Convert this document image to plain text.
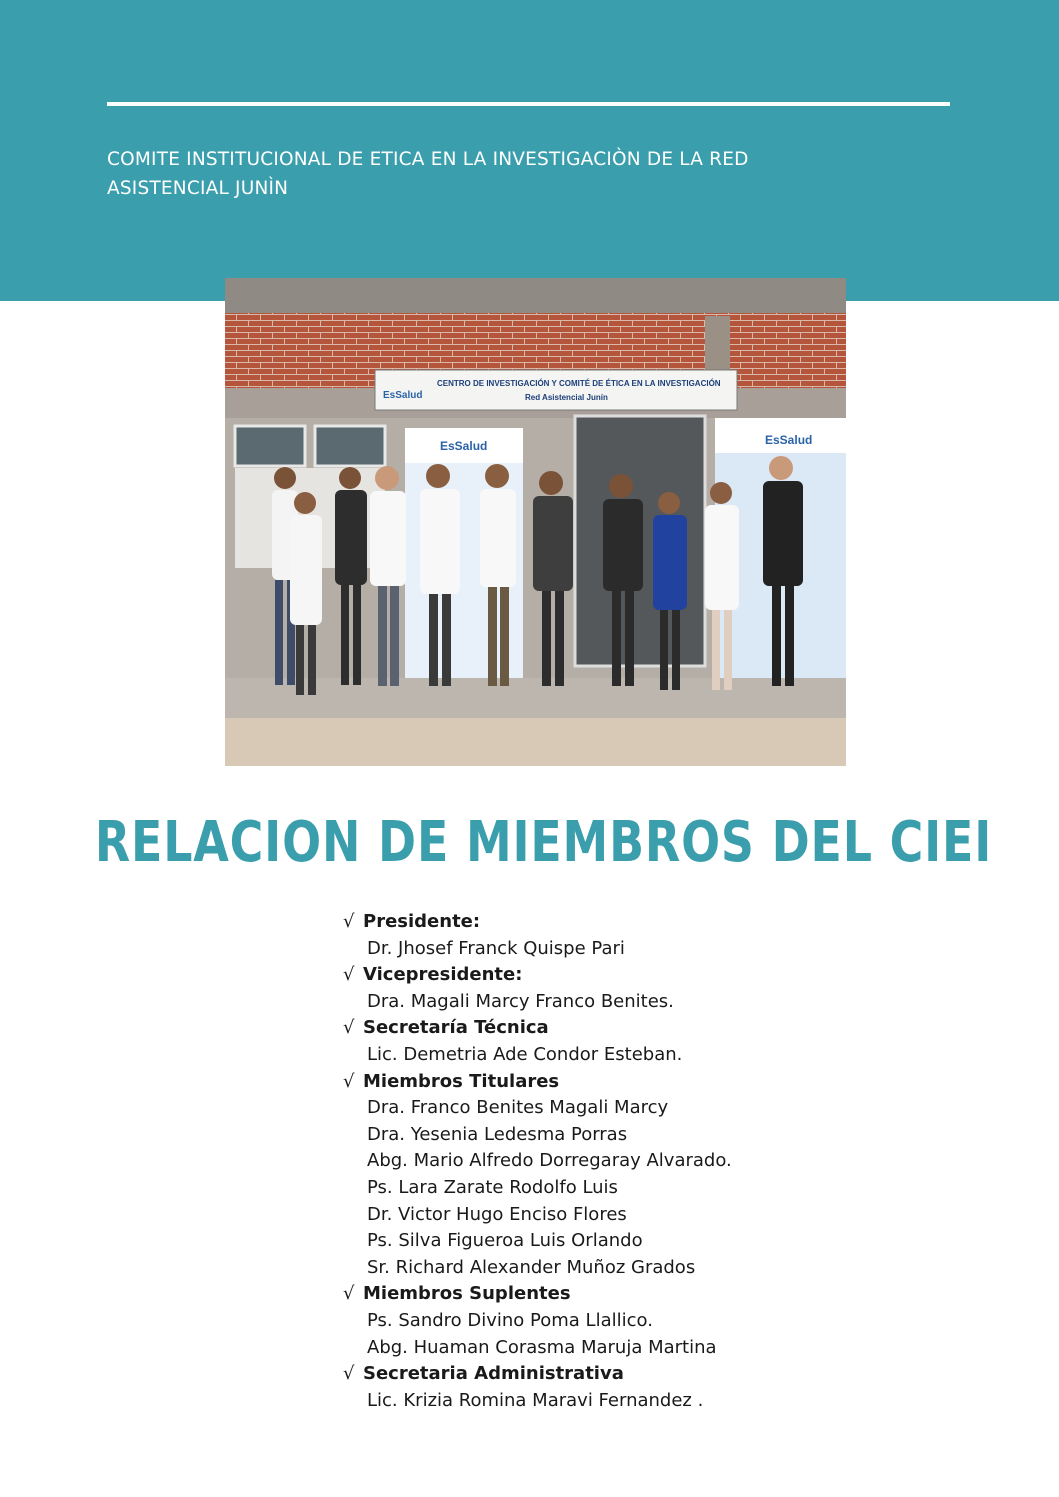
COMITE INSTITUCIONAL DE ETICA EN LA INVESTIGACIÒN DE LA RED
ASISTENCIAL JUNÌN
EsSalud
CENTRO DE INVESTIGACIÓN Y COMITÉ DE ÉTICA EN LA INVESTIGACIÓN
Red Asistencial Junín
EsSalud	EsSalud
RELACION DE MIEMBROS DEL CIEI
√ Presidente:
Dr. Jhosef Franck Quispe Pari
√ Vicepresidente:
Dra. Magali Marcy Franco Benites.
√ Secretaría Técnica
Lic. Demetria Ade Condor Esteban.
√ Miembros Titulares
Dra. Franco Benites Magali Marcy
Dra. Yesenia Ledesma Porras
Abg. Mario Alfredo Dorregaray Alvarado.
Ps. Lara Zarate Rodolfo Luis
Dr. Victor Hugo Enciso Flores
Ps. Silva Figueroa Luis Orlando
Sr. Richard Alexander Muñoz Grados
√ Miembros Suplentes
Ps. Sandro Divino Poma Llallico.
Abg. Huaman Corasma Maruja Martina
√ Secretaria Administrativa
Lic. Krizia Romina Maravi Fernandez .
